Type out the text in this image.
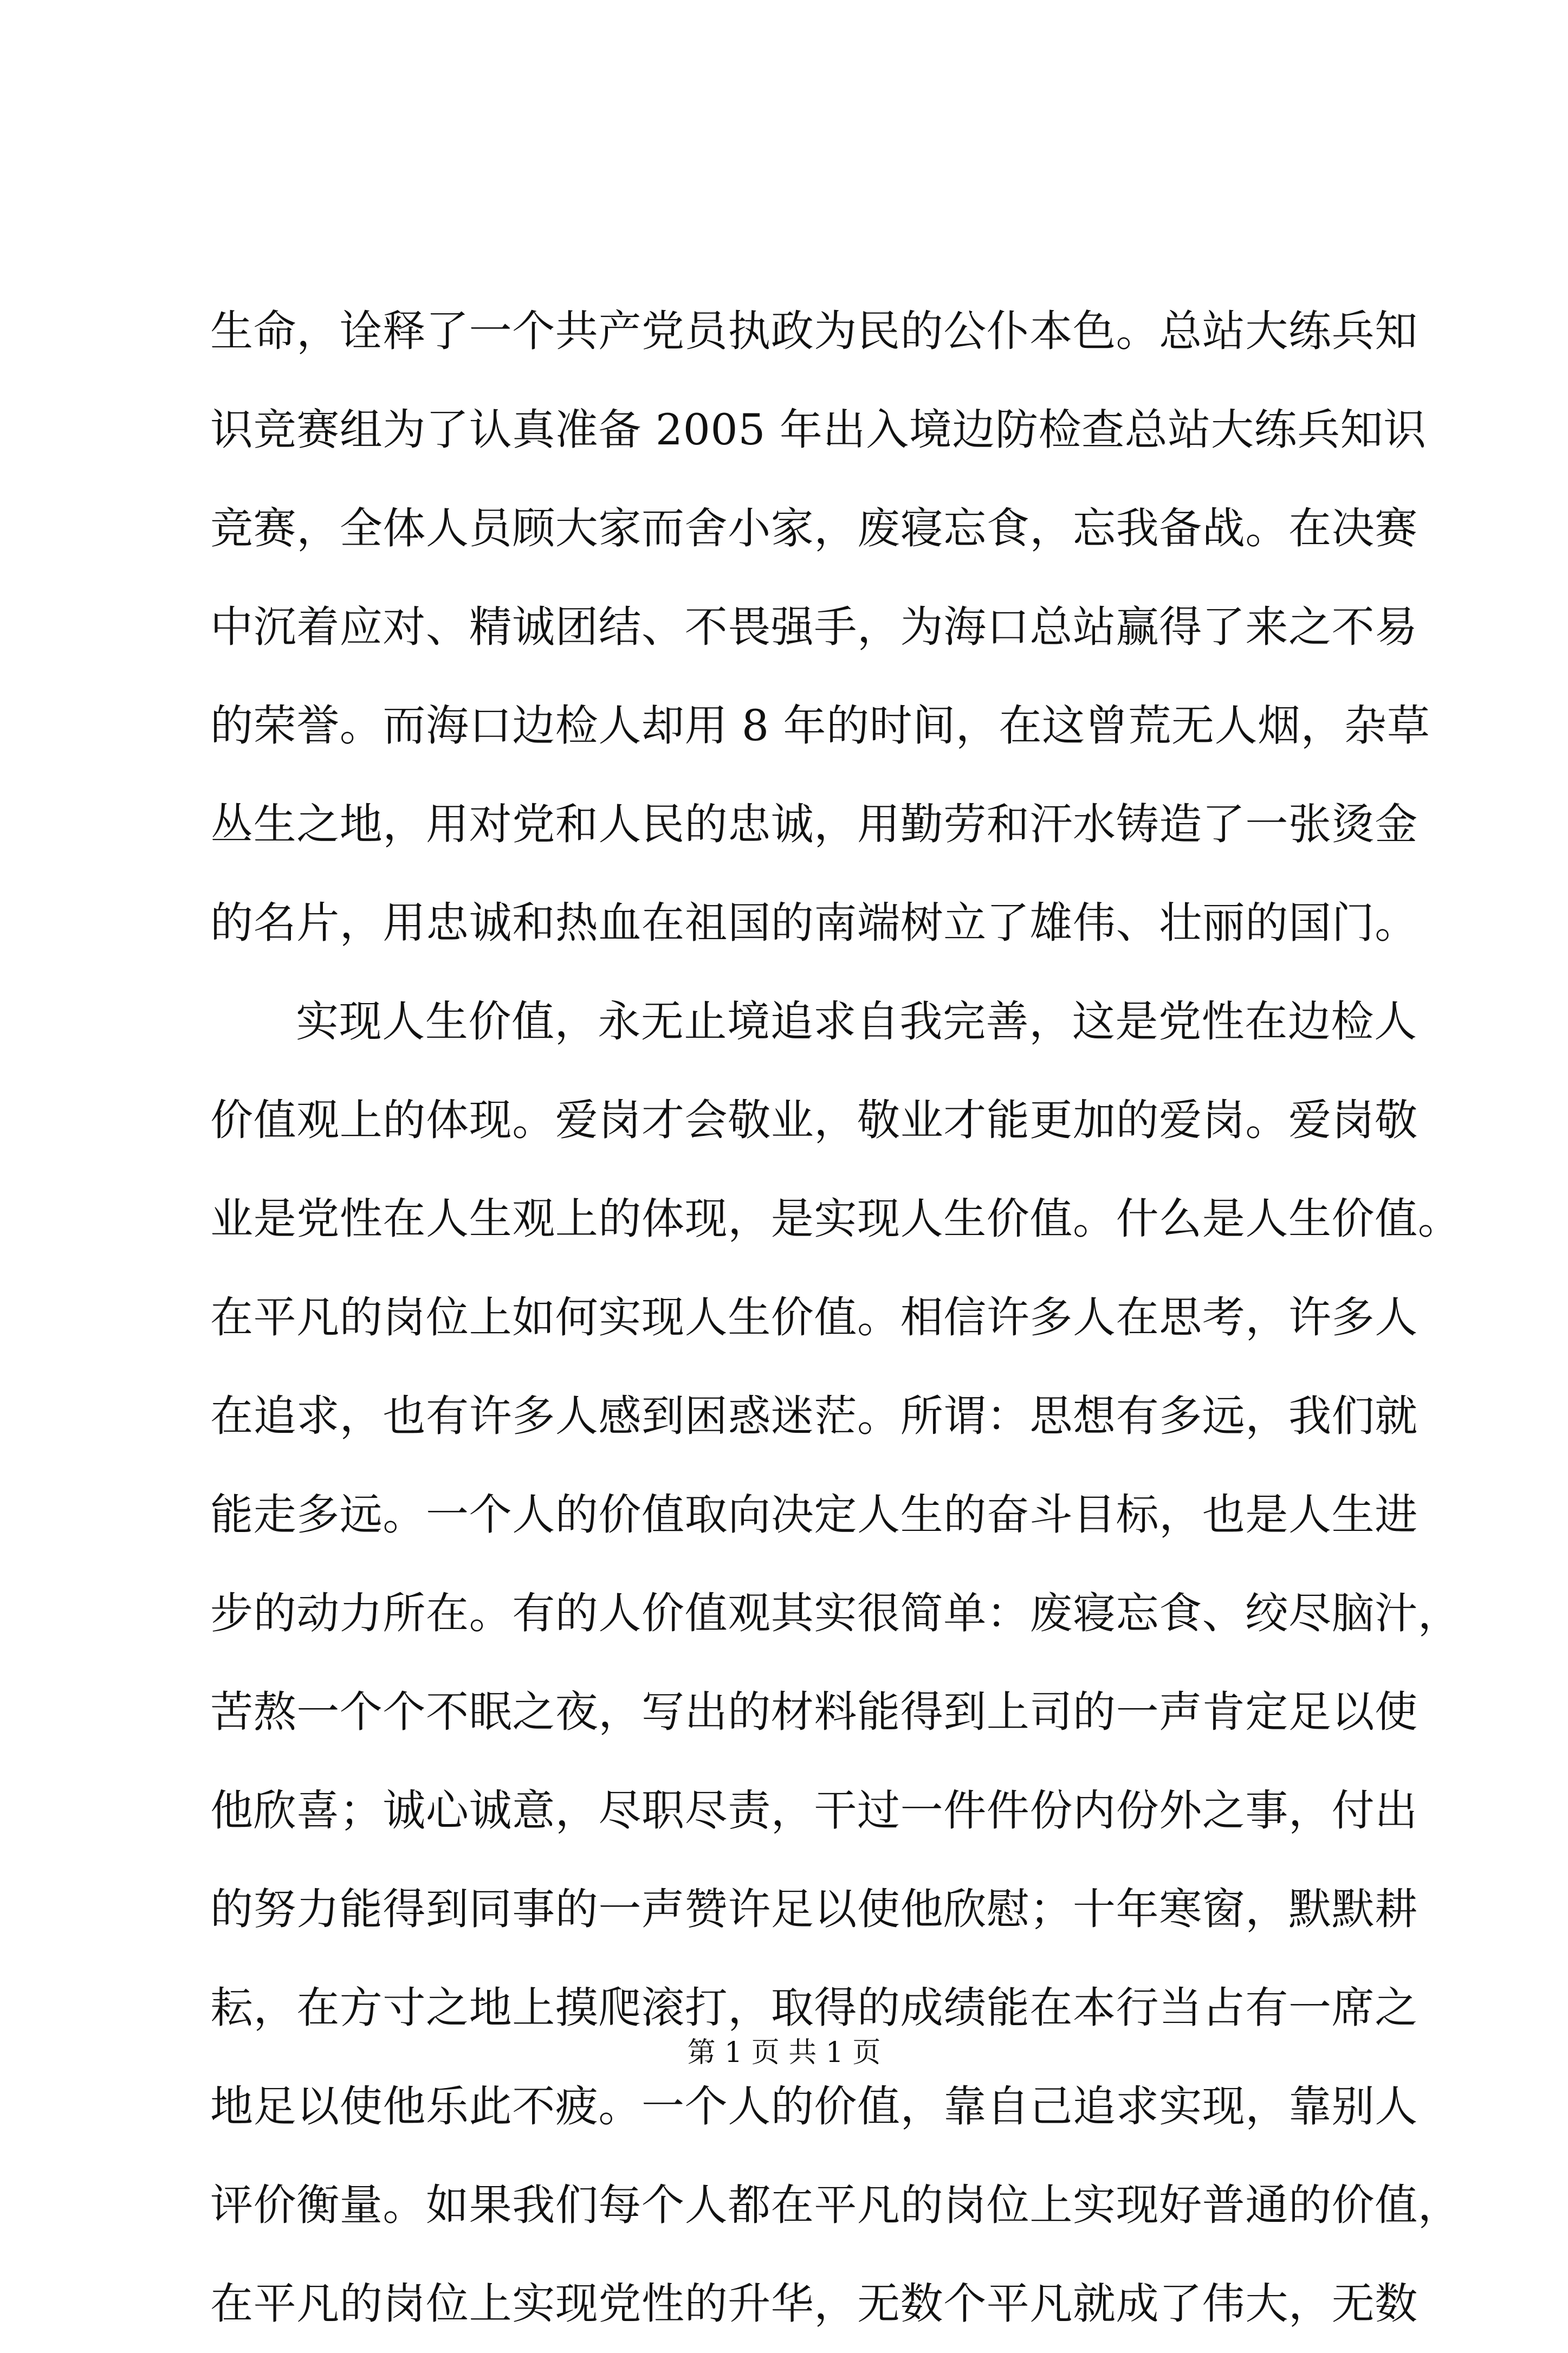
生命，诠释了一个共产党员执政为民的公仆本色。总站大练兵知
识竞赛组为了认真准备 2005 年出入境边防检查总站大练兵知识
竞赛，全体人员顾大家而舍小家，废寝忘食，忘我备战。在决赛
中沉着应对、精诚团结、不畏强手，为海口总站赢得了来之不易
的荣誉。而海口边检人却用 8 年的时间，在这曾荒无人烟，杂草
丛生之地，用对党和人民的忠诚，用勤劳和汗水铸造了一张烫金
的名片，用忠诚和热血在祖国的南端树立了雄伟、壮丽的国门。
实现人生价值，永无止境追求自我完善，这是党性在边检人
价值观上的体现。爱岗才会敬业，敬业才能更加的爱岗。爱岗敬
业是党性在人生观上的体现，是实现人生价值。什么是人生价值。
在平凡的岗位上如何实现人生价值。相信许多人在思考，许多人
在追求，也有许多人感到困惑迷茫。所谓：思想有多远，我们就
能走多远。一个人的价值取向决定人生的奋斗目标，也是人生进
步的动力所在。有的人价值观其实很简单：废寝忘食、绞尽脑汁，
苦熬一个个不眠之夜，写出的材料能得到上司的一声肯定足以使
他欣喜；诚心诚意，尽职尽责，干过一件件份内份外之事，付出
的努力能得到同事的一声赞许足以使他欣慰；十年寒窗，默默耕
耘，在方寸之地上摸爬滚打，取得的成绩能在本行当占有一席之
地足以使他乐此不疲。一个人的价值，靠自己追求实现，靠别人
评价衡量。如果我们每个人都在平凡的岗位上实现好普通的价值，
在平凡的岗位上实现党性的升华，无数个平凡就成了伟大，无数
第 1 页 共 1 页
